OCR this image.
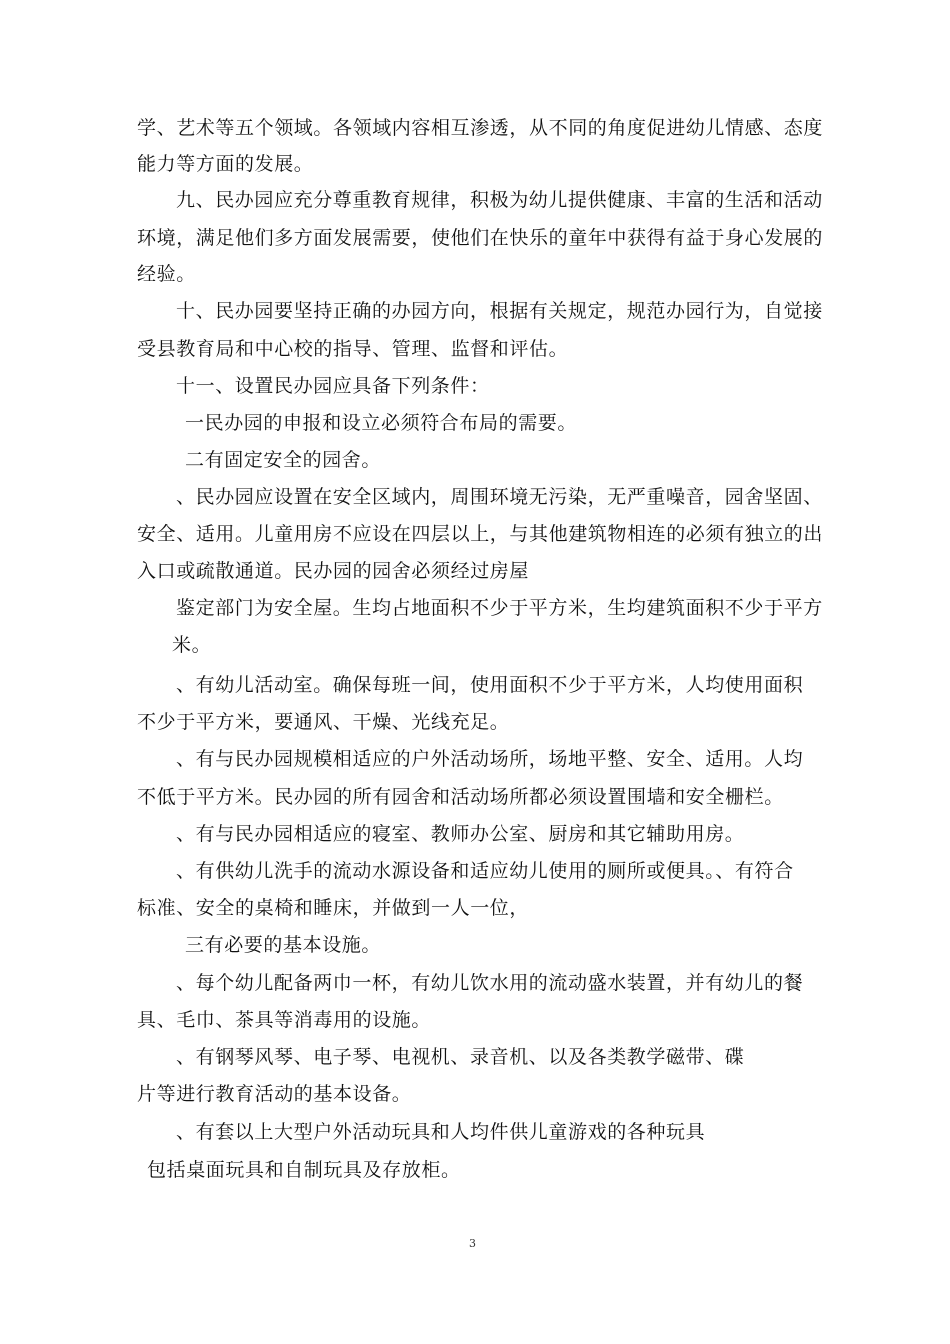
学、艺术等五个领域。各领域内容相互渗透，从不同的角度促进幼儿情感、态度

能力等方面的发展。

九、民办园应充分尊重教育规律，积极为幼儿提供健康、丰富的生活和活动

环境，满足他们多方面发展需要，使他们在快乐的童年中获得有益于身心发展的

经验。

十、民办园要坚持正确的办园方向，根据有关规定，规范办园行为，自觉接

受县教育局和中心校的指导、管理、监督和评估。

十一、设置民办园应具备下列条件：

一民办园的申报和设立必须符合布局的需要。

二有固定安全的园舍。

、民办园应设置在安全区域内，周围环境无污染，无严重噪音，园舍坚固、

安全、适用。儿童用房不应设在四层以上，与其他建筑物相连的必须有独立的出

入口或疏散通道。民办园的园舍必须经过房屋

鉴定部门为安全屋。生均占地面积不少于平方米，生均建筑面积不少于平方

米。

、有幼儿活动室。确保每班一间，使用面积不少于平方米，人均使用面积

不少于平方米，要通风、干燥、光线充足。

、有与民办园规模相适应的户外活动场所，场地平整、安全、适用。人均

不低于平方米。民办园的所有园舍和活动场所都必须设置围墙和安全栅栏。

、有与民办园相适应的寝室、教师办公室、厨房和其它辅助用房。

、有供幼儿洗手的流动水源设备和适应幼儿使用的厕所或便具。、有符合

标准、安全的桌椅和睡床，并做到一人一位，

三有必要的基本设施。

、每个幼儿配备两巾一杯，有幼儿饮水用的流动盛水装置，并有幼儿的餐

具、毛巾、茶具等消毒用的设施。

、有钢琴风琴、电子琴、电视机、录音机、以及各类教学磁带、碟

片等进行教育活动的基本设备。

、有套以上大型户外活动玩具和人均件供儿童游戏的各种玩具

包括桌面玩具和自制玩具及存放柜。

3
